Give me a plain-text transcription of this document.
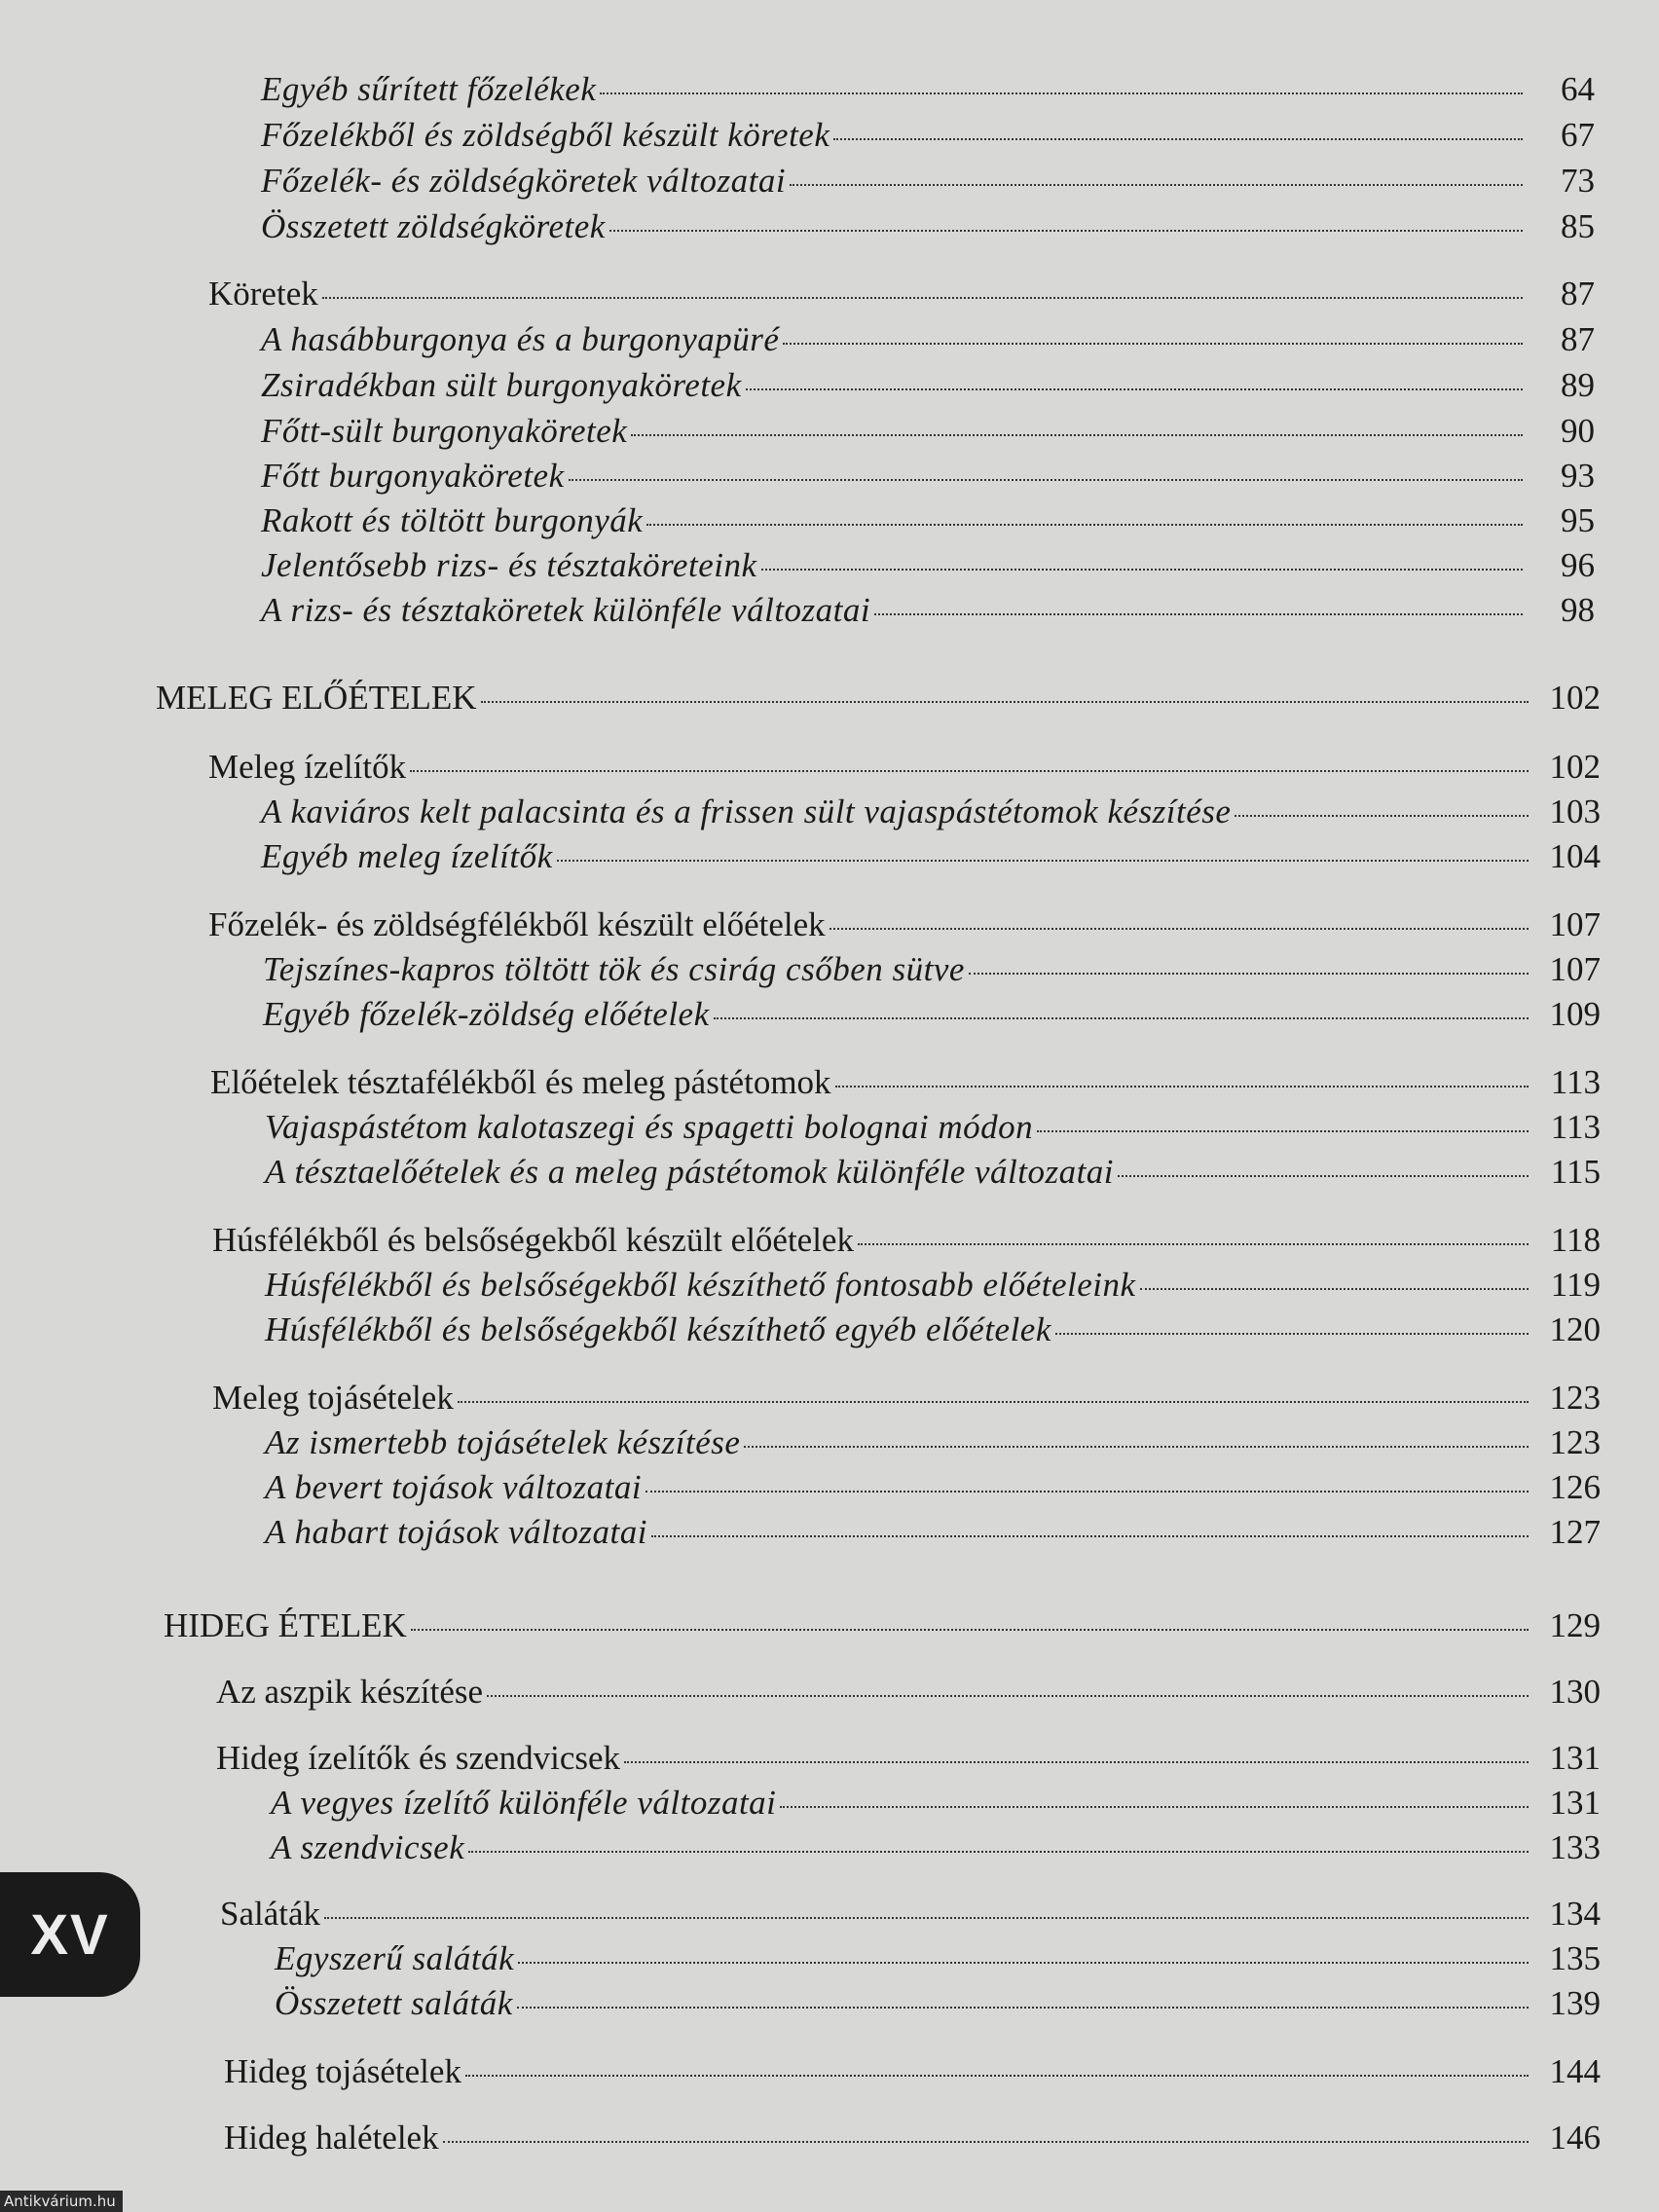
Egyéb sűrített főzelékek	64
Főzelékből és zöldségből készült köretek	67
Főzelék- és zöldségköretek változatai	73
Összetett zöldségköretek	85
Köretek	87
A hasábburgonya és a burgonyapüré	87
Zsiradékban sült burgonyaköretek	89
Főtt-sült burgonyaköretek	90
Főtt burgonyaköretek	93
Rakott és töltött burgonyák	95
Jelentősebb rizs- és tésztaköreteink	96
A rizs- és tésztaköretek különféle változatai	98
MELEG ELŐÉTELEK	102
Meleg ízelítők	102
A kaviáros kelt palacsinta és a frissen sült vajaspástétomok készítése	103
Egyéb meleg ízelítők	104
Főzelék- és zöldségfélékből készült előételek	107
Tejszínes-kapros töltött tök és csirág csőben sütve	107
Egyéb főzelék-zöldség előételek	109
Előételek tésztafélékből és meleg pástétomok	113
Vajaspástétom kalotaszegi és spagetti bolognai módon	113
A tésztaelőételek és a meleg pástétomok különféle változatai	115
Húsfélékből és belsőségekből készült előételek	118
Húsfélékből és belsőségekből készíthető fontosabb előételeink	119
Húsfélékből és belsőségekből készíthető egyéb előételek	120
Meleg tojásételek	123
Az ismertebb tojásételek készítése	123
A bevert tojások változatai	126
A habart tojások változatai	127
HIDEG ÉTELEK	129
Az aszpik készítése	130
Hideg ízelítők és szendvicsek	131
A vegyes ízelítő különféle változatai	131
A szendvicsek	133
Saláták	134
Egyszerű saláták	135
Összetett saláták	139
Hideg tojásételek	144
Hideg halételek	146
XV
Antikvárium.hu
